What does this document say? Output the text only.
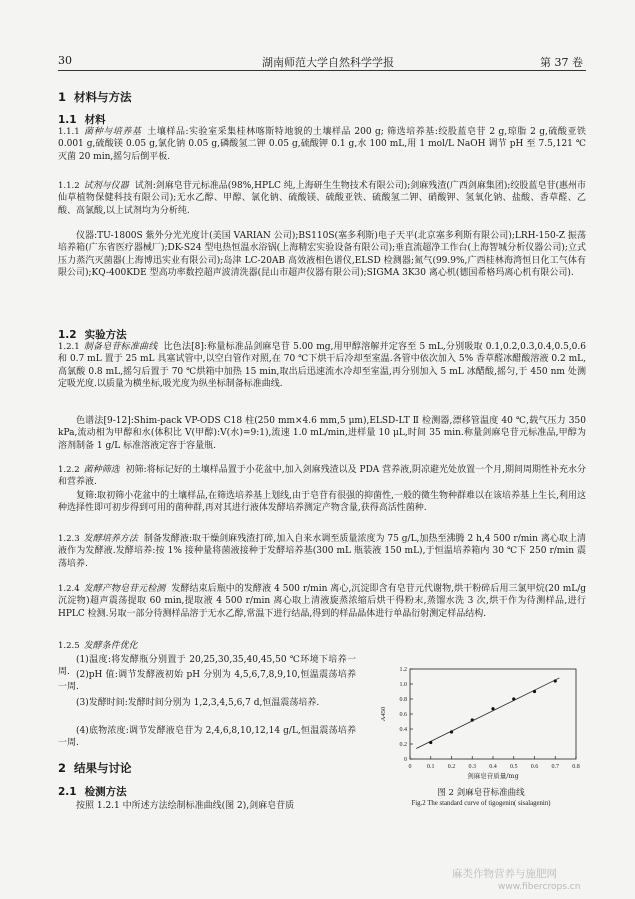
30	湖南师范大学自然科学学报	第 37 卷
1 材料与方法
1.1 材料
1.1.1 菌种与培养基 土壤样品:实验室采集桂林喀斯特地貌的土壤样品 200 g; 筛选培养基:绞股蓝皂苷 2 g,琼脂 2 g,硫酸亚铁 0.001 g,硫酸镁 0.05 g,氯化钠 0.05 g,磷酸氢二钾 0.05 g,硫酸钾 0.1 g,水 100 mL,用 1 mol/L NaOH 调节 pH 至 7.5,121 ℃灭菌 20 min,摇匀后倒平板.
1.1.2 试剂与仪器 试剂:剑麻皂苷元标准品(98%,HPLC 纯,上海研生生物技术有限公司);剑麻残渣(广西剑麻集团);绞股蓝皂苷(惠州市仙草植物保健科技有限公司);无水乙醇、甲醇、氯化钠、硫酸镁、硫酸亚铁、硫酸氢二钾、硝酸钾、氢氧化钠、盐酸、香草醛、乙酸、高氯酸,以上试剂均为分析纯.
仪器:TU-1800S 紫外分光光度计(美国 VARIAN 公司);BS110S(塞多利斯)电子天平(北京塞多利斯有限公司);LRH-150-Z 振荡培养箱(广东省医疗器械厂);DK-S24 型电热恒温水浴锅(上海精宏实验设备有限公司);垂直流超净工作台(上海智城分析仪器公司);立式压力蒸汽灭菌器(上海博迅实业有限公司);岛津 LC-20AB 高效液相色谱仪,ELSD 检测器;氮气(99.9%,广西桂林海湾恒日化工气体有限公司);KQ-400KDE 型高功率数控超声波清洗器(昆山市超声仪器有限公司);SIGMA 3K30 离心机(德国希格玛离心机有限公司).
1.2 实验方法
1.2.1 制备皂苷标准曲线 比色法[8]:称量标准品剑麻皂苷 5.00 mg,用甲醇溶解并定容至 5 mL,分别吸取 0.1,0.2,0.3,0.4,0.5,0.6 和 0.7 mL 置于 25 mL 具塞试管中,以空白管作对照,在 70 ℃下烘干后冷却至室温.各管中依次加入 5% 香草醛冰醋酸溶液 0.2 mL,高氯酸 0.8 mL,摇匀后置于 70 ℃烘箱中加热 15 min,取出后迅速流水冷却至室温,再分别加入 5 mL 冰醋酸,摇匀,于 450 nm 处测定吸光度.以质量为横坐标,吸光度为纵坐标制备标准曲线.
色谱法[9-12]:Shim-pack VP-ODS C18 柱(250 mm×4.6 mm,5 μm),ELSD-LT Ⅱ 检测器,漂移管温度 40 ℃,载气压力 350 kPa,流动相为甲醇和水(体积比 V(甲醇):V(水)=9:1),流速 1.0 mL/min,进样量 10 μL,时间 35 min.称量剑麻皂苷元标准品,甲醇为溶剂制备 1 g/L 标准溶液定容于容量瓶.
1.2.2 菌种筛选 初筛:将标记好的土壤样品置于小花盆中,加入剑麻残渣以及 PDA 营养液,阴凉避光处放置一个月,期间周期性补充水分和营养液.
复筛:取初筛小花盆中的土壤样品,在筛选培养基上划线,由于皂苷有很强的抑菌性,一般的微生物种群难以在该培养基上生长,利用这种选择性即可初步得到可用的菌种群,再对其进行液体发酵培养测定产物含量,获得高活性菌种.
1.2.3 发酵培养方法 制备发酵液:取干燥剑麻残渣打碎,加入自来水调至质量浓度为 75 g/L,加热至沸腾 2 h,4 500 r/min 离心取上清液作为发酵液.发酵培养:按 1% 接种量将菌液接种于发酵培养基(300 mL 瓶装液 150 mL),于恒温培养箱内 30 ℃下 250 r/min 震荡培养.
1.2.4 发酵产物皂苷元检测 发酵结束后瓶中的发酵液 4 500 r/min 离心,沉淀即含有皂苷元代谢物,烘干粉碎后用三氯甲烷(20 mL/g 沉淀物)超声震荡提取 60 min,提取液 4 500 r/min 离心取上清液旋蒸浓缩后烘干得粉末,蒸馏水洗 3 次,烘干作为待测样品,进行 HPLC 检测.另取一部分待测样品溶于无水乙醇,常温下进行结晶,得到的样品晶体进行单晶衍射测定样品结构.
1.2.5 发酵条件优化
(1)温度:将发酵瓶分别置于 20,25,30,35,40,45,50 ℃环境下培养一周. (2)pH 值:调节发酵液初始 pH 分别为 4,5,6,7,8,9,10,恒温震荡培养一周.
(3)发酵时间:发酵时间分别为 1,2,3,4,5,6,7 d,恒温震荡培养.
(4)底物浓度:调节发酵液皂苷为 2,4,6,8,10,12,14 g/L,恒温震荡培养一周.
2 结果与讨论
2.1 检测方法
按照 1.2.1 中所述方法绘制标准曲线(图 2),剑麻皂苷质
0	0.1 0.2 0.3 0.4 0.5 0.6 0.7 0.8
0
0.2
0.4
0.6
0.8
1.0
1.2
剑麻皂苷质量/mg
A450
图 2 剑麻皂苷标准曲线
Fig.2 The standard curve of tigogenin( sisalagenin)
麻类作物营养与施肥网
www.fibercrops.cn
